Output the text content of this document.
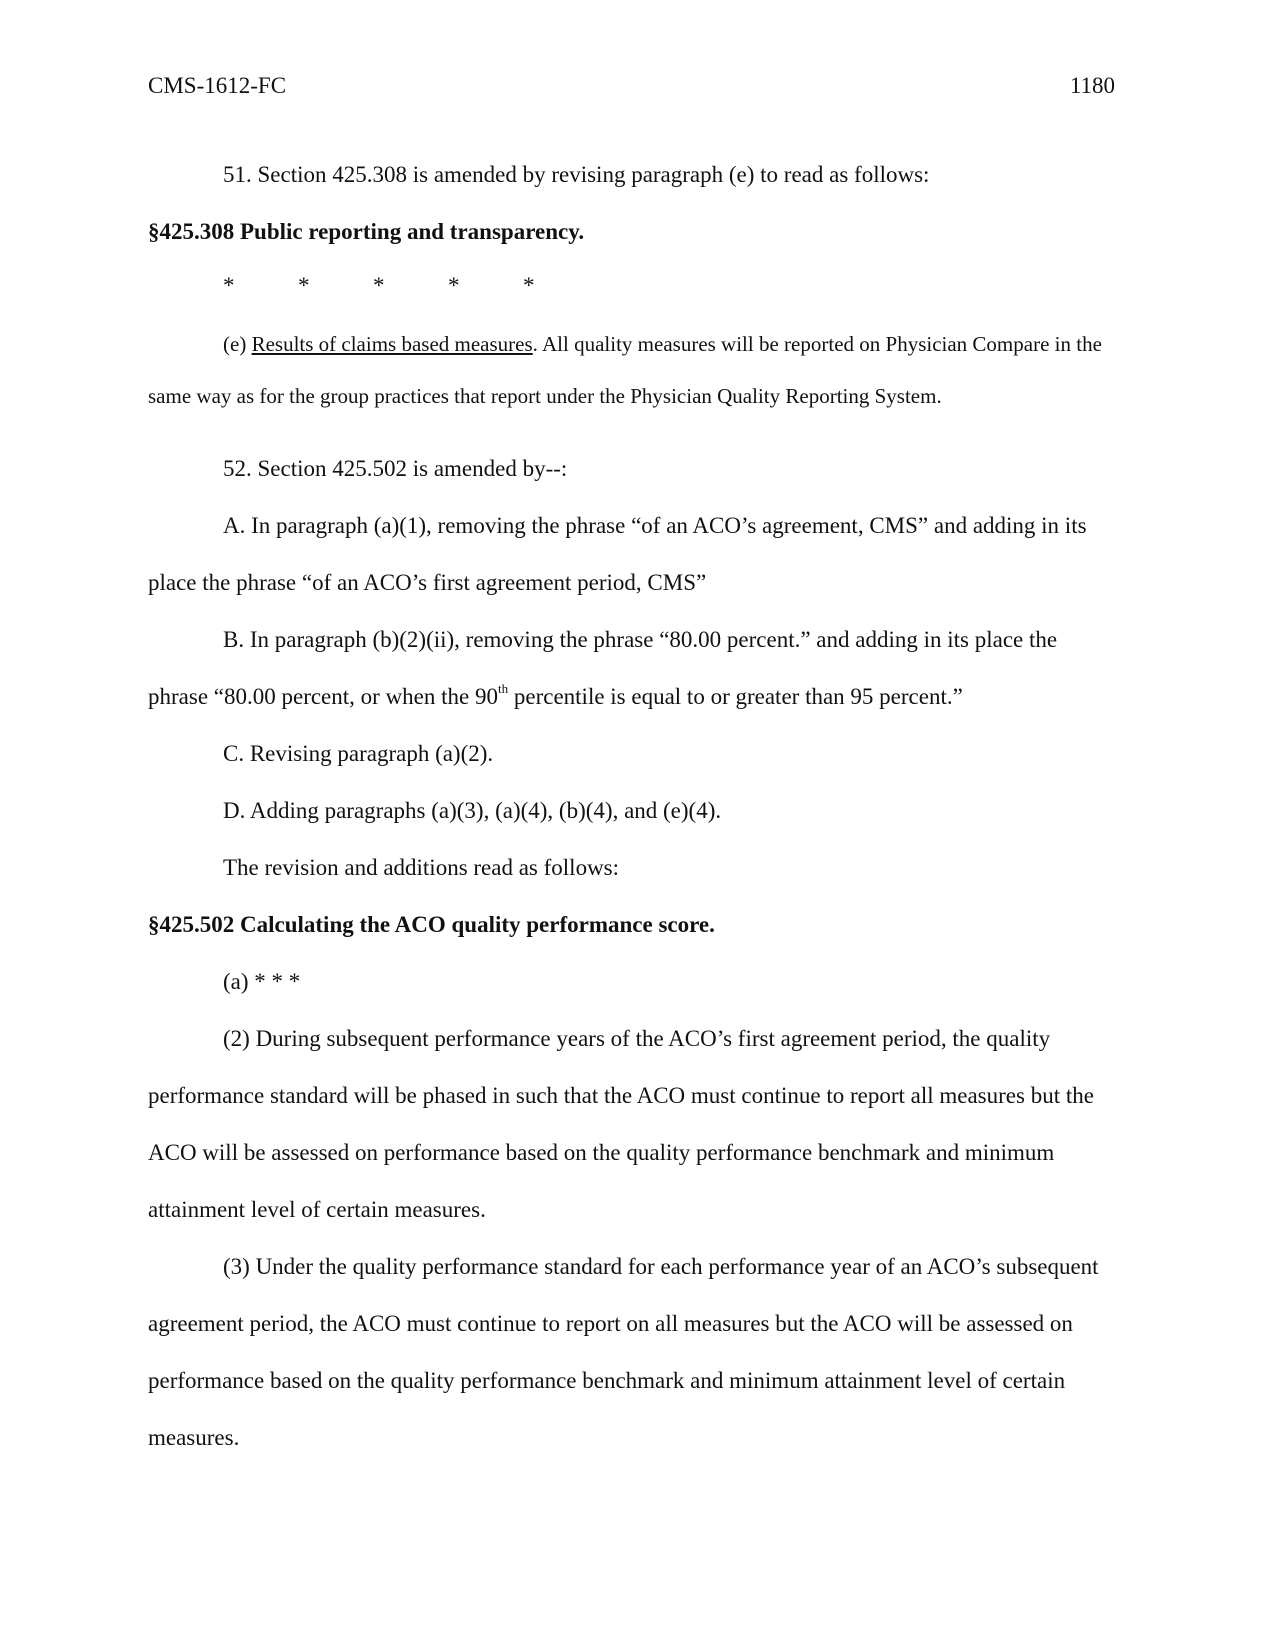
CMS-1612-FC	1180

51. Section 425.308 is amended by revising paragraph (e) to read as follows:

§425.308 Public reporting and transparency.

*	*	*	*	*

(e) Results of claims based measures. All quality measures will be reported on Physician Compare in the same way as for the group practices that report under the Physician Quality Reporting System.

52. Section 425.502 is amended by--:

A. In paragraph (a)(1), removing the phrase “of an ACO’s agreement, CMS” and adding in its place the phrase “of an ACO’s first agreement period, CMS”

B. In paragraph (b)(2)(ii), removing the phrase “80.00 percent.” and adding in its place the phrase “80.00 percent, or when the 90th percentile is equal to or greater than 95 percent.”

C. Revising paragraph (a)(2).

D. Adding paragraphs (a)(3), (a)(4), (b)(4), and (e)(4).

The revision and additions read as follows:

§425.502 Calculating the ACO quality performance score.

(a) * * *

(2) During subsequent performance years of the ACO’s first agreement period, the quality performance standard will be phased in such that the ACO must continue to report all measures but the ACO will be assessed on performance based on the quality performance benchmark and minimum attainment level of certain measures.

(3) Under the quality performance standard for each performance year of an ACO’s subsequent agreement period, the ACO must continue to report on all measures but the ACO will be assessed on performance based on the quality performance benchmark and minimum attainment level of certain measures.
